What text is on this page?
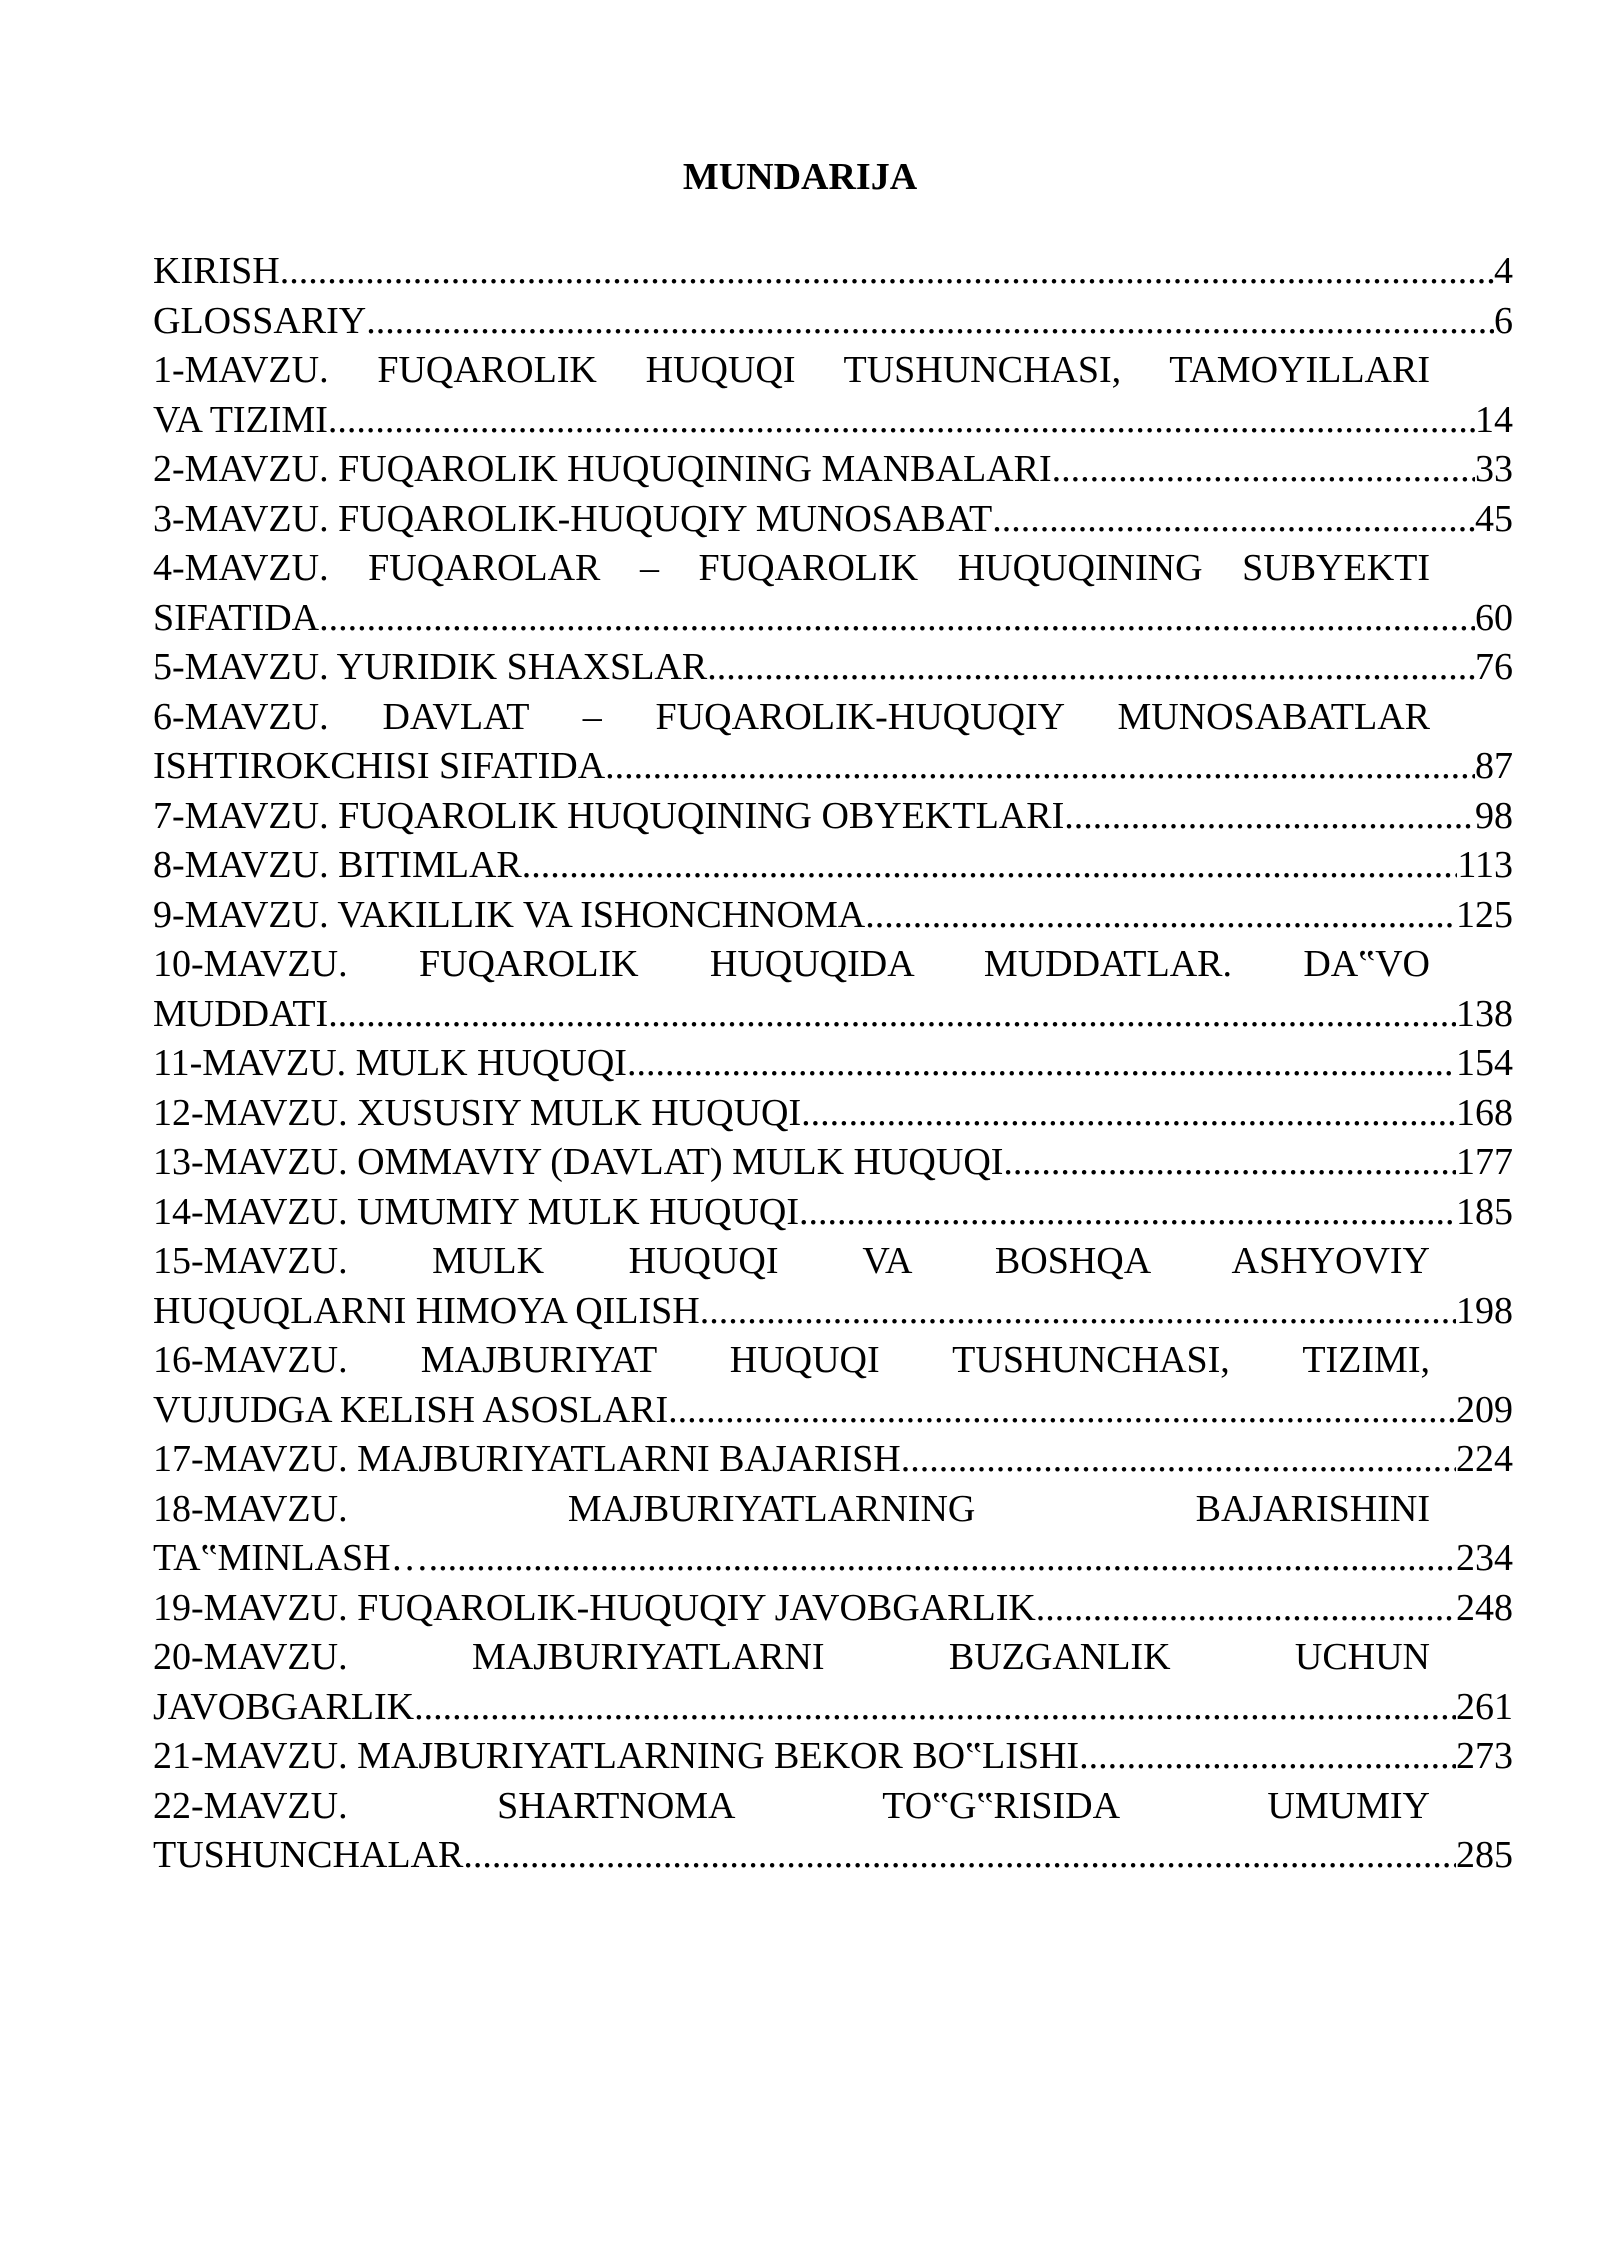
MUNDARIJA
KIRISH .....	4
GLOSSARIY .....	6
1-MAVZU. FUQAROLIK HUQUQI TUSHUNCHASI, TAMOYILLARI
VA TIZIMI .....	14
2-MAVZU. FUQAROLIK HUQUQINING MANBALARI .....	33
3-MAVZU. FUQAROLIK-HUQUQIY MUNOSABAT .....	45
4-MAVZU. FUQAROLAR – FUQAROLIK HUQUQINING SUBYEKTI
SIFATIDA .....	60
5-MAVZU. YURIDIK SHAXSLAR .....	76
6-MAVZU. DAVLAT – FUQAROLIK-HUQUQIY MUNOSABATLAR
ISHTIROKCHISI SIFATIDA .....	87
7-MAVZU. FUQAROLIK HUQUQINING OBYEKTLARI .....	98
8-MAVZU. BITIMLAR .....	113
9-MAVZU. VAKILLIK VA ISHONCHNOMA .....	125
10-MAVZU. FUQAROLIK HUQUQIDA MUDDATLAR. DA‟VO
MUDDATI .....	138
11-MAVZU. MULK HUQUQI .....	154
12-MAVZU. XUSUSIY MULK HUQUQI .....	168
13-MAVZU. OMMAVIY (DAVLAT) MULK HUQUQI .....	177
14-MAVZU. UMUMIY MULK HUQUQI .....	185
15-MAVZU. MULK HUQUQI VA BOSHQA ASHYOVIY
HUQUQLARNI HIMOYA QILISH .....	198
16-MAVZU. MAJBURIYAT HUQUQI TUSHUNCHASI, TIZIMI,
VUJUDGA KELISH ASOSLARI .....	209
17-MAVZU. MAJBURIYATLARNI BAJARISH .....	224
18-MAVZU. MAJBURIYATLARNING BAJARISHINI
TA‟MINLASH… .....	234
19-MAVZU. FUQAROLIK-HUQUQIY JAVOBGARLIK .....	248
20-MAVZU. MAJBURIYATLARNI BUZGANLIK UCHUN
JAVOBGARLIK .....	261
21-MAVZU. MAJBURIYATLARNING BEKOR BO‟LISHI .....	273
22-MAVZU. SHARTNOMA TO‟G‟RISIDA UMUMIY
TUSHUNCHALAR .....	285
